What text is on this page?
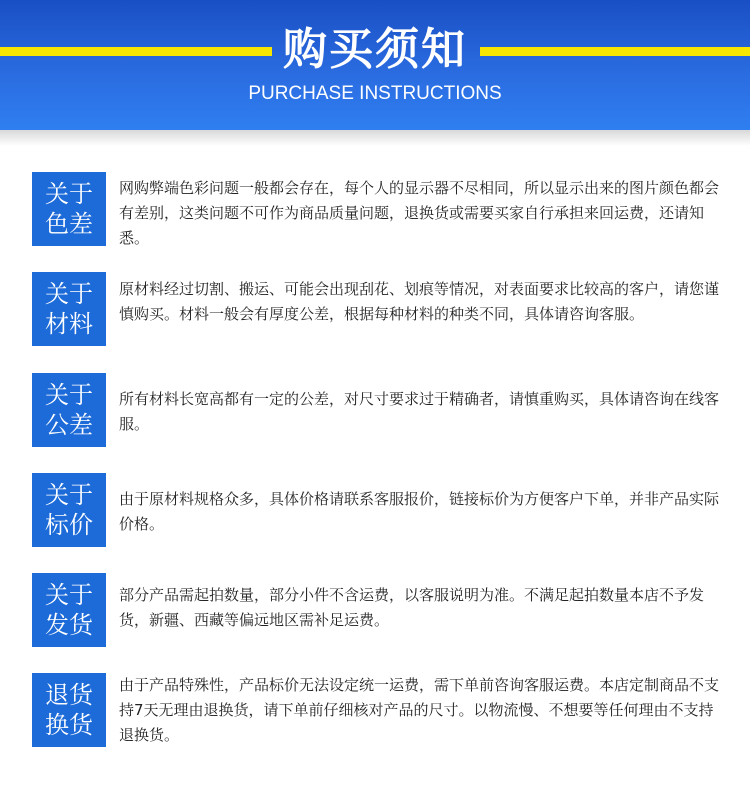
购买须知
PURCHASE INSTRUCTIONS
关于
色差
网购弊端色彩问题一般都会存在，每个人的显示器不尽相同，所以显示出来的图片颜色都会有差别，这类问题不可作为商品质量问题，退换货或需要买家自行承担来回运费，还请知悉。
关于
材料
原材料经过切割、搬运、可能会出现刮花、划痕等情况，对表面要求比较高的客户，请您谨慎购买。材料一般会有厚度公差，根据每种材料的种类不同，具体请咨询客服。
关于
公差
所有材料长宽高都有一定的公差，对尺寸要求过于精确者，请慎重购买，具体请咨询在线客服。
关于
标价
由于原材料规格众多，具体价格请联系客服报价，链接标价为方便客户下单，并非产品实际价格。
关于
发货
部分产品需起拍数量，部分小件不含运费，以客服说明为准。不满足起拍数量本店不予发货，新疆、西藏等偏远地区需补足运费。
退货
换货
由于产品特殊性，产品标价无法设定统一运费，需下单前咨询客服运费。本店定制商品不支持7天无理由退换货，请下单前仔细核对产品的尺寸。以物流慢、不想要等任何理由不支持退换货。
